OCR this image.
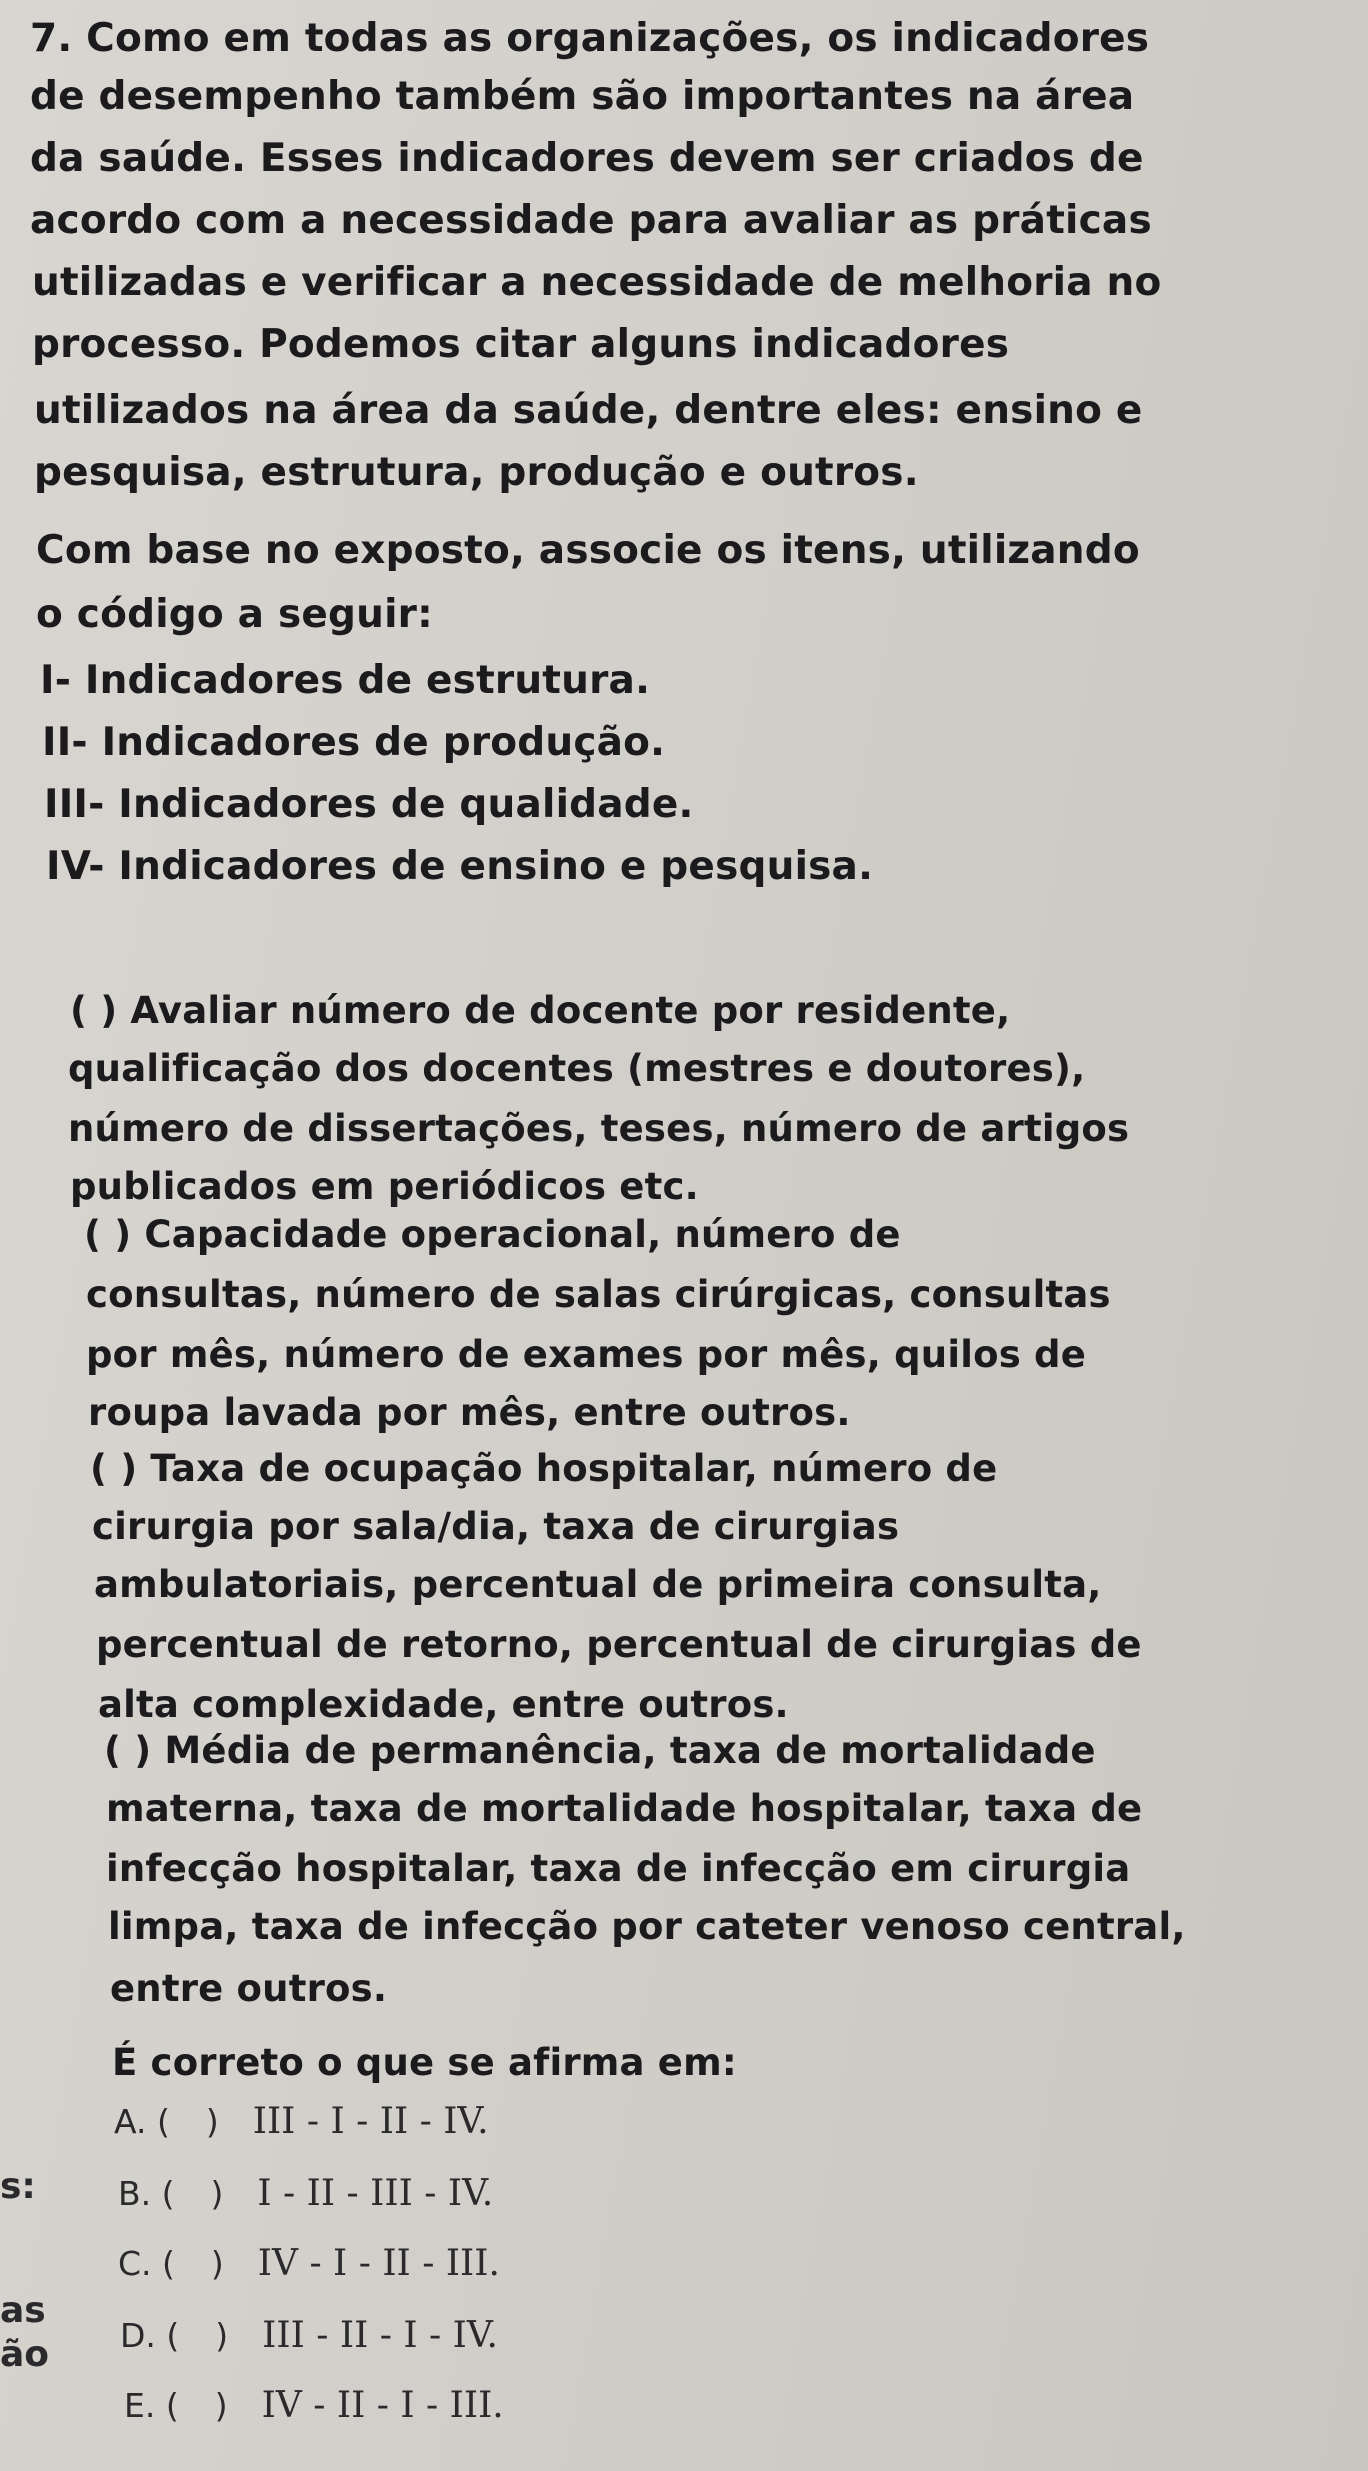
7. Como em todas as organizações, os indicadores
de desempenho também são importantes na área
da saúde. Esses indicadores devem ser criados de
acordo com a necessidade para avaliar as práticas
utilizadas e verificar a necessidade de melhoria no
processo. Podemos citar alguns indicadores
utilizados na área da saúde, dentre eles: ensino e
pesquisa, estrutura, produção e outros.
Com base no exposto, associe os itens, utilizando
o código a seguir:
I- Indicadores de estrutura.
II- Indicadores de produção.
III- Indicadores de qualidade.
IV- Indicadores de ensino e pesquisa.
( ) Avaliar número de docente por residente,
qualificação dos docentes (mestres e doutores),
número de dissertações, teses, número de artigos
publicados em periódicos etc.
( ) Capacidade operacional, número de
consultas, número de salas cirúrgicas, consultas
por mês, número de exames por mês, quilos de
roupa lavada por mês, entre outros.
( ) Taxa de ocupação hospitalar, número de
cirurgia por sala/dia, taxa de cirurgias
ambulatoriais, percentual de primeira consulta,
percentual de retorno, percentual de cirurgias de
alta complexidade, entre outros.
( ) Média de permanência, taxa de mortalidade
materna, taxa de mortalidade hospitalar, taxa de
infecção hospitalar, taxa de infecção em cirurgia
limpa, taxa de infecção por cateter venoso central,
entre outros.
É correto o que se afirma em:
A. ( ) III - I - II - IV.
B. ( ) I - II - III - IV.
C. ( ) IV - I - II - III.
D. ( ) III - II - I - IV.
E. ( ) IV - II - I - III.
s:
as
ão
